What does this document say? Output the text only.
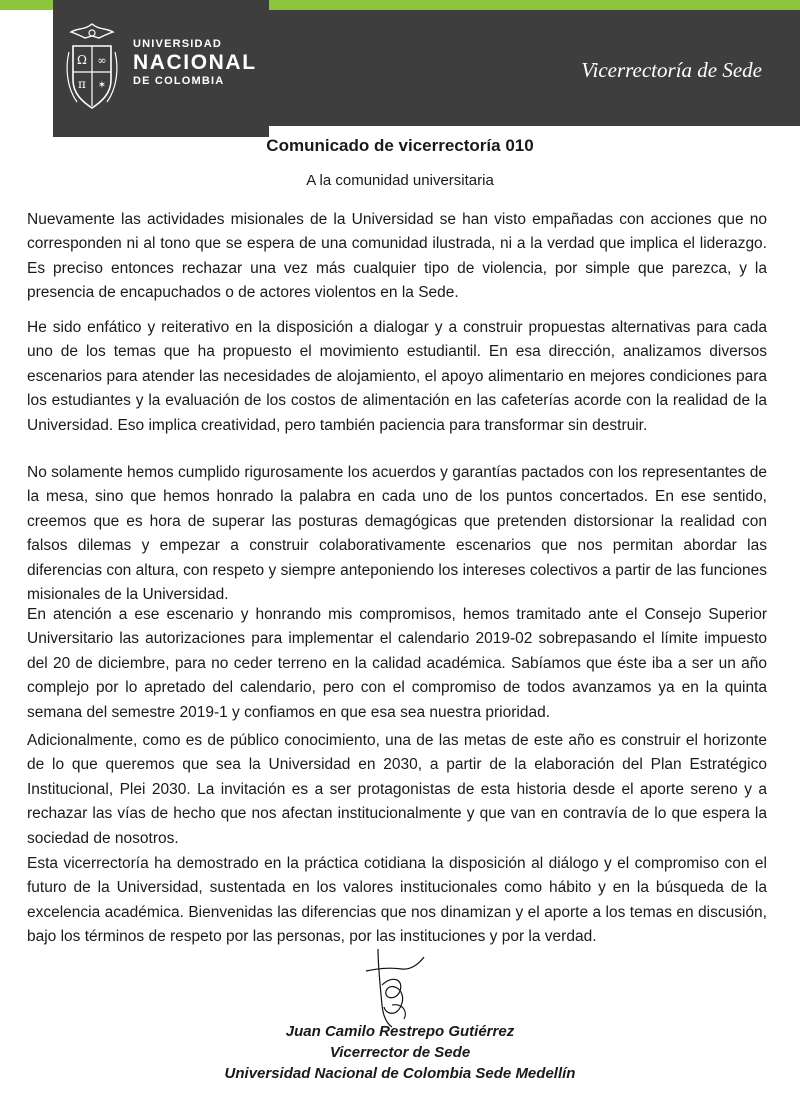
Vicerrectoría de Sede
Ω ∞
π ✶
UNIVERSIDAD
NACIONAL
DE COLOMBIA
Comunicado de vicerrectoría 010
A la comunidad universitaria

Nuevamente las actividades misionales de la Universidad se han visto empañadas con acciones que no corresponden ni al tono que se espera de una comunidad ilustrada, ni a la verdad que implica el liderazgo. Es preciso entonces rechazar una vez más cualquier tipo de violencia, por simple que parezca, y la presencia de encapuchados o de actores violentos en la Sede.

He sido enfático y reiterativo en la disposición a dialogar y a construir propuestas alternativas para cada uno de los temas que ha propuesto el movimiento estudiantil. En esa dirección, analizamos diversos escenarios para atender las necesidades de alojamiento, el apoyo alimentario en mejores condiciones para los estudiantes y la evaluación de los costos de alimentación en las cafeterías acorde con la realidad de la Universidad. Eso implica creatividad, pero también paciencia para transformar sin destruir.

No solamente hemos cumplido rigurosamente los acuerdos y garantías pactados con los representantes de la mesa, sino que hemos honrado la palabra en cada uno de los puntos concertados. En ese sentido, creemos que es hora de superar las posturas demagógicas que pretenden distorsionar la realidad con falsos dilemas y empezar a construir colaborativamente escenarios que nos permitan abordar las diferencias con altura, con respeto y siempre anteponiendo los intereses colectivos a partir de las funciones misionales de la Universidad.

En atención a ese escenario y honrando mis compromisos, hemos tramitado ante el Consejo Superior Universitario las autorizaciones para implementar el calendario 2019-02 sobrepasando el límite impuesto del 20 de diciembre, para no ceder terreno en la calidad académica. Sabíamos que éste iba a ser un año complejo por lo apretado del calendario, pero con el compromiso de todos avanzamos ya en la quinta semana del semestre 2019-1 y confiamos en que esa sea nuestra prioridad.

Adicionalmente, como es de público conocimiento, una de las metas de este año es construir el horizonte de lo que queremos que sea la Universidad en 2030, a partir de la elaboración del Plan Estratégico Institucional, Plei 2030. La invitación es a ser protagonistas de esta historia desde el aporte sereno y a rechazar las vías de hecho que nos afectan institucionalmente y que van en contravía de lo que espera la sociedad de nosotros.

Esta vicerrectoría ha demostrado en la práctica cotidiana la disposición al diálogo y el compromiso con el futuro de la Universidad, sustentada en los valores institucionales como hábito y en la búsqueda de la excelencia académica. Bienvenidas las diferencias que nos dinamizan y el aporte a los temas en discusión, bajo los términos de respeto por las personas, por las instituciones y por la verdad.

Juan Camilo Restrepo Gutiérrez
Vicerrector de Sede
Universidad Nacional de Colombia Sede Medellín
